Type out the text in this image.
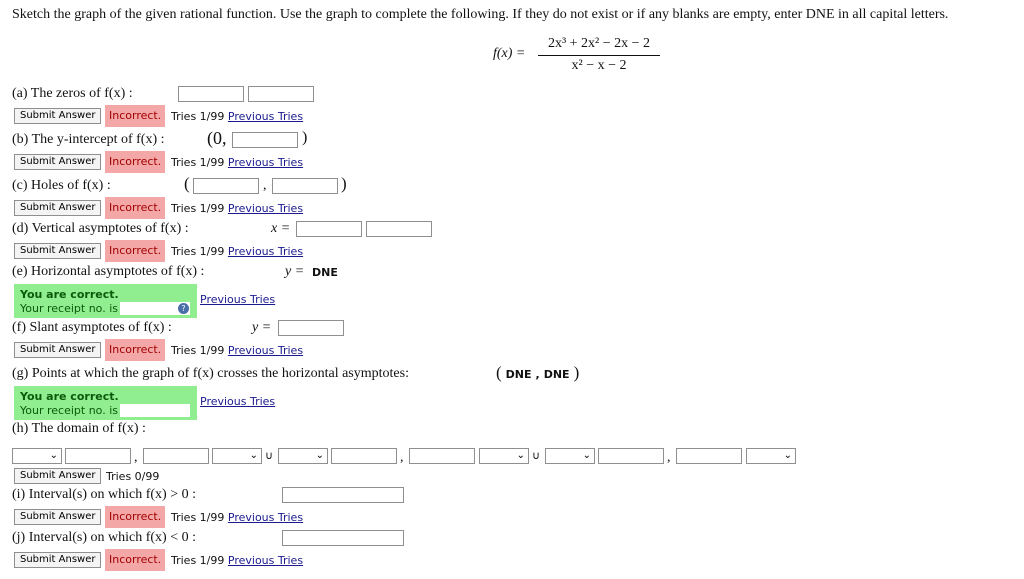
Sketch the graph of the given rational function. Use the graph to complete the following. If they do not exist or if any blanks are empty, enter DNE in all capital letters.
f(x) =
2x³ + 2x² − 2x − 2
x² − x − 2
(a) The zeros of f(x) :
Submit Answer	Incorrect. Tries 1/99 Previous Tries
(b) The y-intercept of f(x) : (0,	)
Submit Answer	Incorrect. Tries 1/99 Previous Tries
(c) Holes of f(x) :	(	,	)
Submit Answer	Incorrect. Tries 1/99 Previous Tries
(d) Vertical asymptotes of f(x) :	x =
Submit Answer	Incorrect. Tries 1/99 Previous Tries
(e) Horizontal asymptotes of f(x) :	y = DNE
You are correct.
Your receipt no. is	?
Previous Tries
(f) Slant asymptotes of f(x) :	y =
Submit Answer	Incorrect. Tries 1/99 Previous Tries
(g) Points at which the graph of f(x) crosses the horizontal asymptotes:	( DNE , DNE )
You are correct.
Your receipt no. is
Previous Tries
(h) The domain of f(x) :
⌄	,	⌄ ∪	⌄	,	⌄ ∪	⌄	,	⌄
Submit Answer Tries 0/99
(i) Interval(s) on which f(x) > 0 :
Submit Answer	Incorrect. Tries 1/99 Previous Tries
(j) Interval(s) on which f(x) < 0 :
Submit Answer	Incorrect. Tries 1/99 Previous Tries
